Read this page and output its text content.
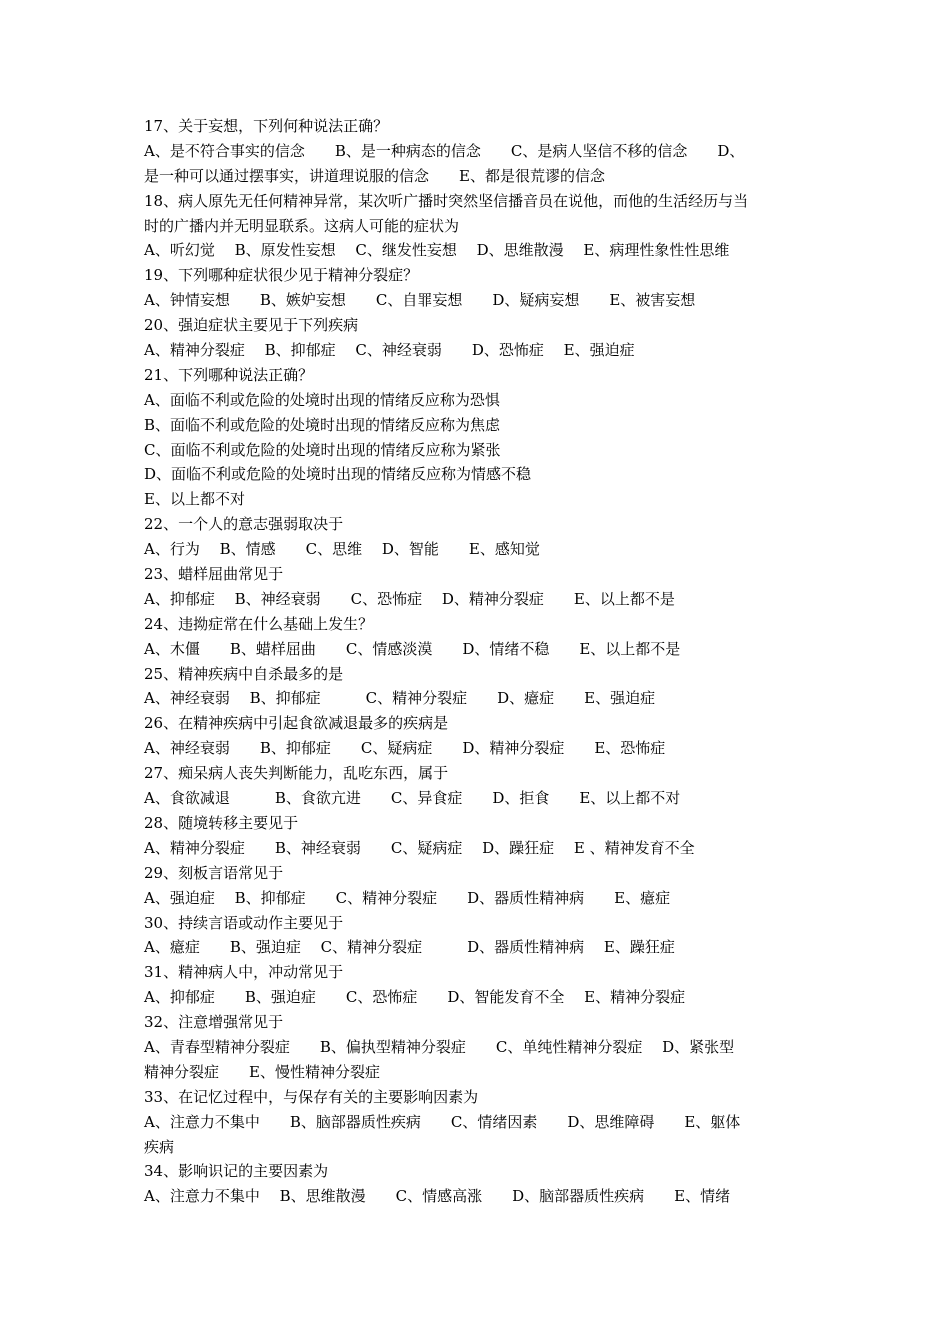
17、关于妄想，下列何种说法正确？
A、是不符合事实的信念　　B、是一种病态的信念　　C、是病人坚信不移的信念　　D、
是一种可以通过摆事实，讲道理说服的信念　　E、都是很荒谬的信念
18、病人原先无任何精神异常，某次听广播时突然坚信播音员在说他，而他的生活经历与当
时的广播内并无明显联系。这病人可能的症状为
A、听幻觉　 B、原发性妄想　 C、继发性妄想　 D、思维散漫　 E、病理性象性性思维
19、下列哪种症状很少见于精神分裂症？
A、钟情妄想　　B、嫉妒妄想　　C、自罪妄想　　D、疑病妄想　　E、被害妄想
20、强迫症状主要见于下列疾病
A、精神分裂症　 B、抑郁症　 C、神经衰弱　　D、恐怖症　 E、强迫症
21、下列哪种说法正确？
A、面临不利或危险的处境时出现的情绪反应称为恐惧
B、面临不利或危险的处境时出现的情绪反应称为焦虑
C、面临不利或危险的处境时出现的情绪反应称为紧张
D、面临不利或危险的处境时出现的情绪反应称为情感不稳
E、以上都不对
22、一个人的意志强弱取决于
A、行为　 B、情感　　C、思维　 D、智能　　E、感知觉
23、蜡样屈曲常见于
A、抑郁症　 B、神经衰弱　　C、恐怖症　 D、精神分裂症　　E、以上都不是
24、违拗症常在什么基础上发生？
A、木僵　　B、蜡样屈曲　　C、情感淡漠　　D、情绪不稳　　E、以上都不是
25、精神疾病中自杀最多的是
A、神经衰弱　 B、抑郁症　　　C、精神分裂症　　D、癔症　　E、强迫症
26、在精神疾病中引起食欲减退最多的疾病是
A、神经衰弱　　B、抑郁症　　C、疑病症　　D、精神分裂症　　E、恐怖症
27、痴呆病人丧失判断能力，乱吃东西，属于
A、食欲减退　　　B、食欲亢进　　C、异食症　　D、拒食　　E、以上都不对
28、随境转移主要见于
A、精神分裂症　　B、神经衰弱　　C、疑病症　 D、躁狂症　 E 、精神发育不全
29、刻板言语常见于
A、强迫症　 B、抑郁症　　C、精神分裂症　　D、器质性精神病　　E、癔症
30、持续言语或动作主要见于
A、癔症　　B、强迫症　 C、精神分裂症　　　D、器质性精神病　 E、躁狂症
31、精神病人中，冲动常见于
A、抑郁症　　B、强迫症　　C、恐怖症　　D、智能发育不全　 E、精神分裂症
32、注意增强常见于
A、青春型精神分裂症　　B、偏执型精神分裂症　　C、单纯性精神分裂症　 D、紧张型
精神分裂症　　E、慢性精神分裂症
33、在记忆过程中，与保存有关的主要影响因素为
A、注意力不集中　　B、脑部器质性疾病　　C、情绪因素　　D、思维障碍　　E、躯体
疾病
34、影响识记的主要因素为
A、注意力不集中　 B、思维散漫　　C、情感高涨　　D、脑部器质性疾病　　E、情绪
